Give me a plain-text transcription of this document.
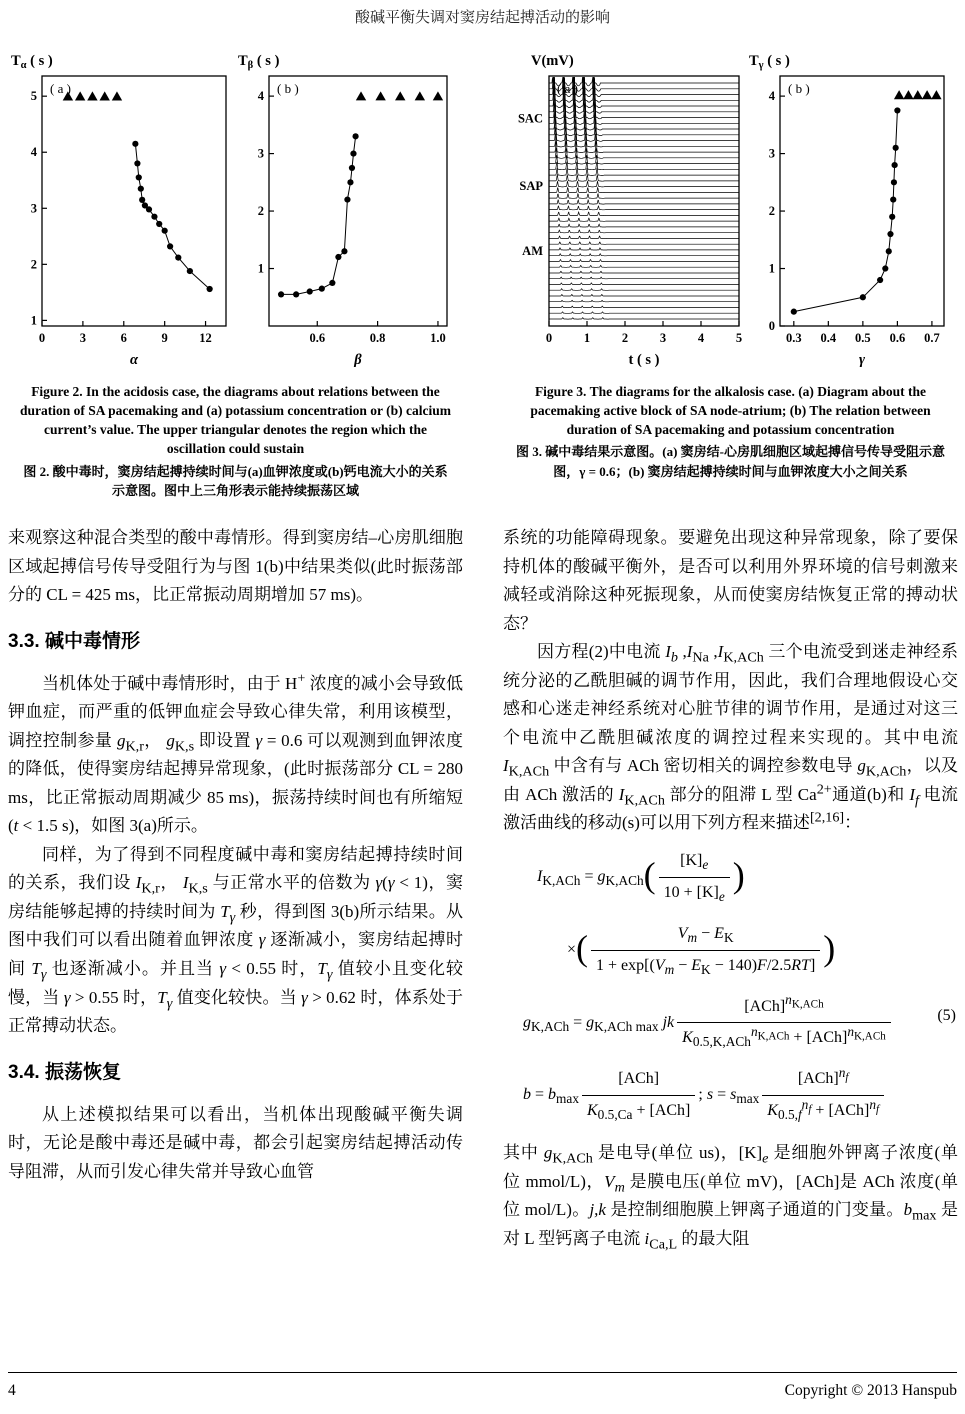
酸碱平衡失调对窦房结起搏活动的影响
0	3	6	9	12
1
2
3
4
5
( a )
$T_\alpha$ ( s )
α
0.6	0.8	1.0
1
2
3
4
( b )
$T_\beta$ ( s )
β

Figure 2. In the acidosis case, the diagrams about relations between the duration of SA pacemaking and (a) potassium concentration or (b) calcium current’s value. The upper triangular denotes the region which the oscillation could sustain

图 2. 酸中毒时，窦房结起搏持续时间与(a)血钾浓度或(b)钙电流大小的关系示意图。图中上三角形表示能持续振荡区域

0	1	2	3	4	5
V(mV)
( a )
SAC
SAP
AM
t ( s )
0.3 0.4 0.5 0.6 0.7
0
1
2
3
4
( b )
$T_\gamma$ ( s )
γ

Figure 3. The diagrams for the alkalosis case. (a) Diagram about the pacemaking active block of SA node-atrium; (b) The relation between duration of SA pacemaking and potassium concentration

图 3. 碱中毒结果示意图。(a) 窦房结-心房肌细胞区域起搏信号传导受阻示意图，γ = 0.6；(b) 窦房结起搏持续时间与血钾浓度大小之间关系

来观察这种混合类型的酸中毒情形。得到窦房结–心房肌细胞区域起搏信号传导受阻行为与图 1(b)中结果类似(此时振荡部分的 CL = 425 ms，比正常振动周期增加 57 ms)。

3.3. 碱中毒情形

当机体处于碱中毒情形时，由于 H+ 浓度的减小会导致低钾血症，而严重的低钾血症会导致心律失常，利用该模型，调控控制参量 $g_{K,r}$， $g_{K,s}$ 即设置 γ = 0.6 可以观测到血钾浓度的降低，使得窦房结起搏异常现象，(此时振荡部分 CL = 280 ms，比正常振动周期减少 85 ms)，振荡持续时间也有所缩短(t < 1.5 s)，如图 3(a)所示。

同样，为了得到不同程度碱中毒和窦房结起搏持续时间的关系，我们设 $I_{K,r}$， $I_{K,s}$ 与正常水平的倍数为 γ(γ < 1)，窦房结能够起搏的持续时间为 $T_\gamma$ 秒，得到图 3(b)所示结果。从图中我们可以看出随着血钾浓度 γ 逐渐减小，窦房结起搏时间 $T_\gamma$ 也逐渐减小。并且当 γ < 0.55 时，$T_\gamma$ 值较小且变化较慢，当 γ > 0.55 时，$T_\gamma$ 值变化较快。当 γ > 0.62 时，体系处于正常搏动状态。

3.4. 振荡恢复

从上述模拟结果可以看出，当机体出现酸碱平衡失调时，无论是酸中毒还是碱中毒，都会引起窦房结起搏活动传导阻滞，从而引发心律失常并导致心血管

系统的功能障碍现象。要避免出现这种异常现象，除了要保持机体的酸碱平衡外，是否可以利用外界环境的信号刺激来减轻或消除这种死振现象，从而使窦房结恢复正常的搏动状态？

因方程(2)中电流 $I_b$ $,I_{Na}$ $,I_{K,ACh}$ 三个电流受到迷走神经系统分泌的乙酰胆碱的调节作用，因此，我们合理地假设心交感和心迷走神经系统对心脏节律的调节作用，是通过对这三个电流中乙酰胆碱浓度的调控过程来实现的。其中电流 $I_{K,ACh}$ 中含有与 ACh 密切相关的调控参数电导 $g_{K,ACh}$，以及由 ACh 激活的 $I_{K,ACh}$ 部分的阻滞 L 型 $Ca^{2+}$通道(b)和 $I_f$ 电流激活曲线的移动(s)可以用下列方程来描述[2,16]：

$I_{K,ACh} = g_{K,ACh}( \frac{[K]_e}{10 + [K]_e}$ )
×( $\frac{V_m - E_K}{1 + \exp[(V_m - E_K - 140)F/2.5RT]}$ )
$g_{K,ACh} = g_{K,ACh max}$ jk $\frac{[ACh]^{n_{K,ACh}}}{K_{0.5,K,ACh}^{n_{K,ACh}} + [ACh]^{n_{K,ACh}}}$
$b = b_{max} \frac{\text{[ACh]}}{K_{0.5,Ca} + [ACh]}$ ; $s = s_{max} \frac{[ACh]^{n_f}}{K_{0.5,f}^{n_f} + [ACh]^{n_f}}$
(5)

其中 $g_{K,ACh}$ 是电导(单位 us)，$[K]_e$ 是细胞外钾离子浓度(单位 mmol/L)，$V_m$ 是膜电压(单位 mV)，[ACh]是 ACh 浓度(单位 mol/L)。j,k 是控制细胞膜上钾离子通道的门变量。$b_{max}$ 是对 L 型钙离子电流 $i_{Ca,L}$ 的最大阻

4	Copyright © 2013 Hanspub
